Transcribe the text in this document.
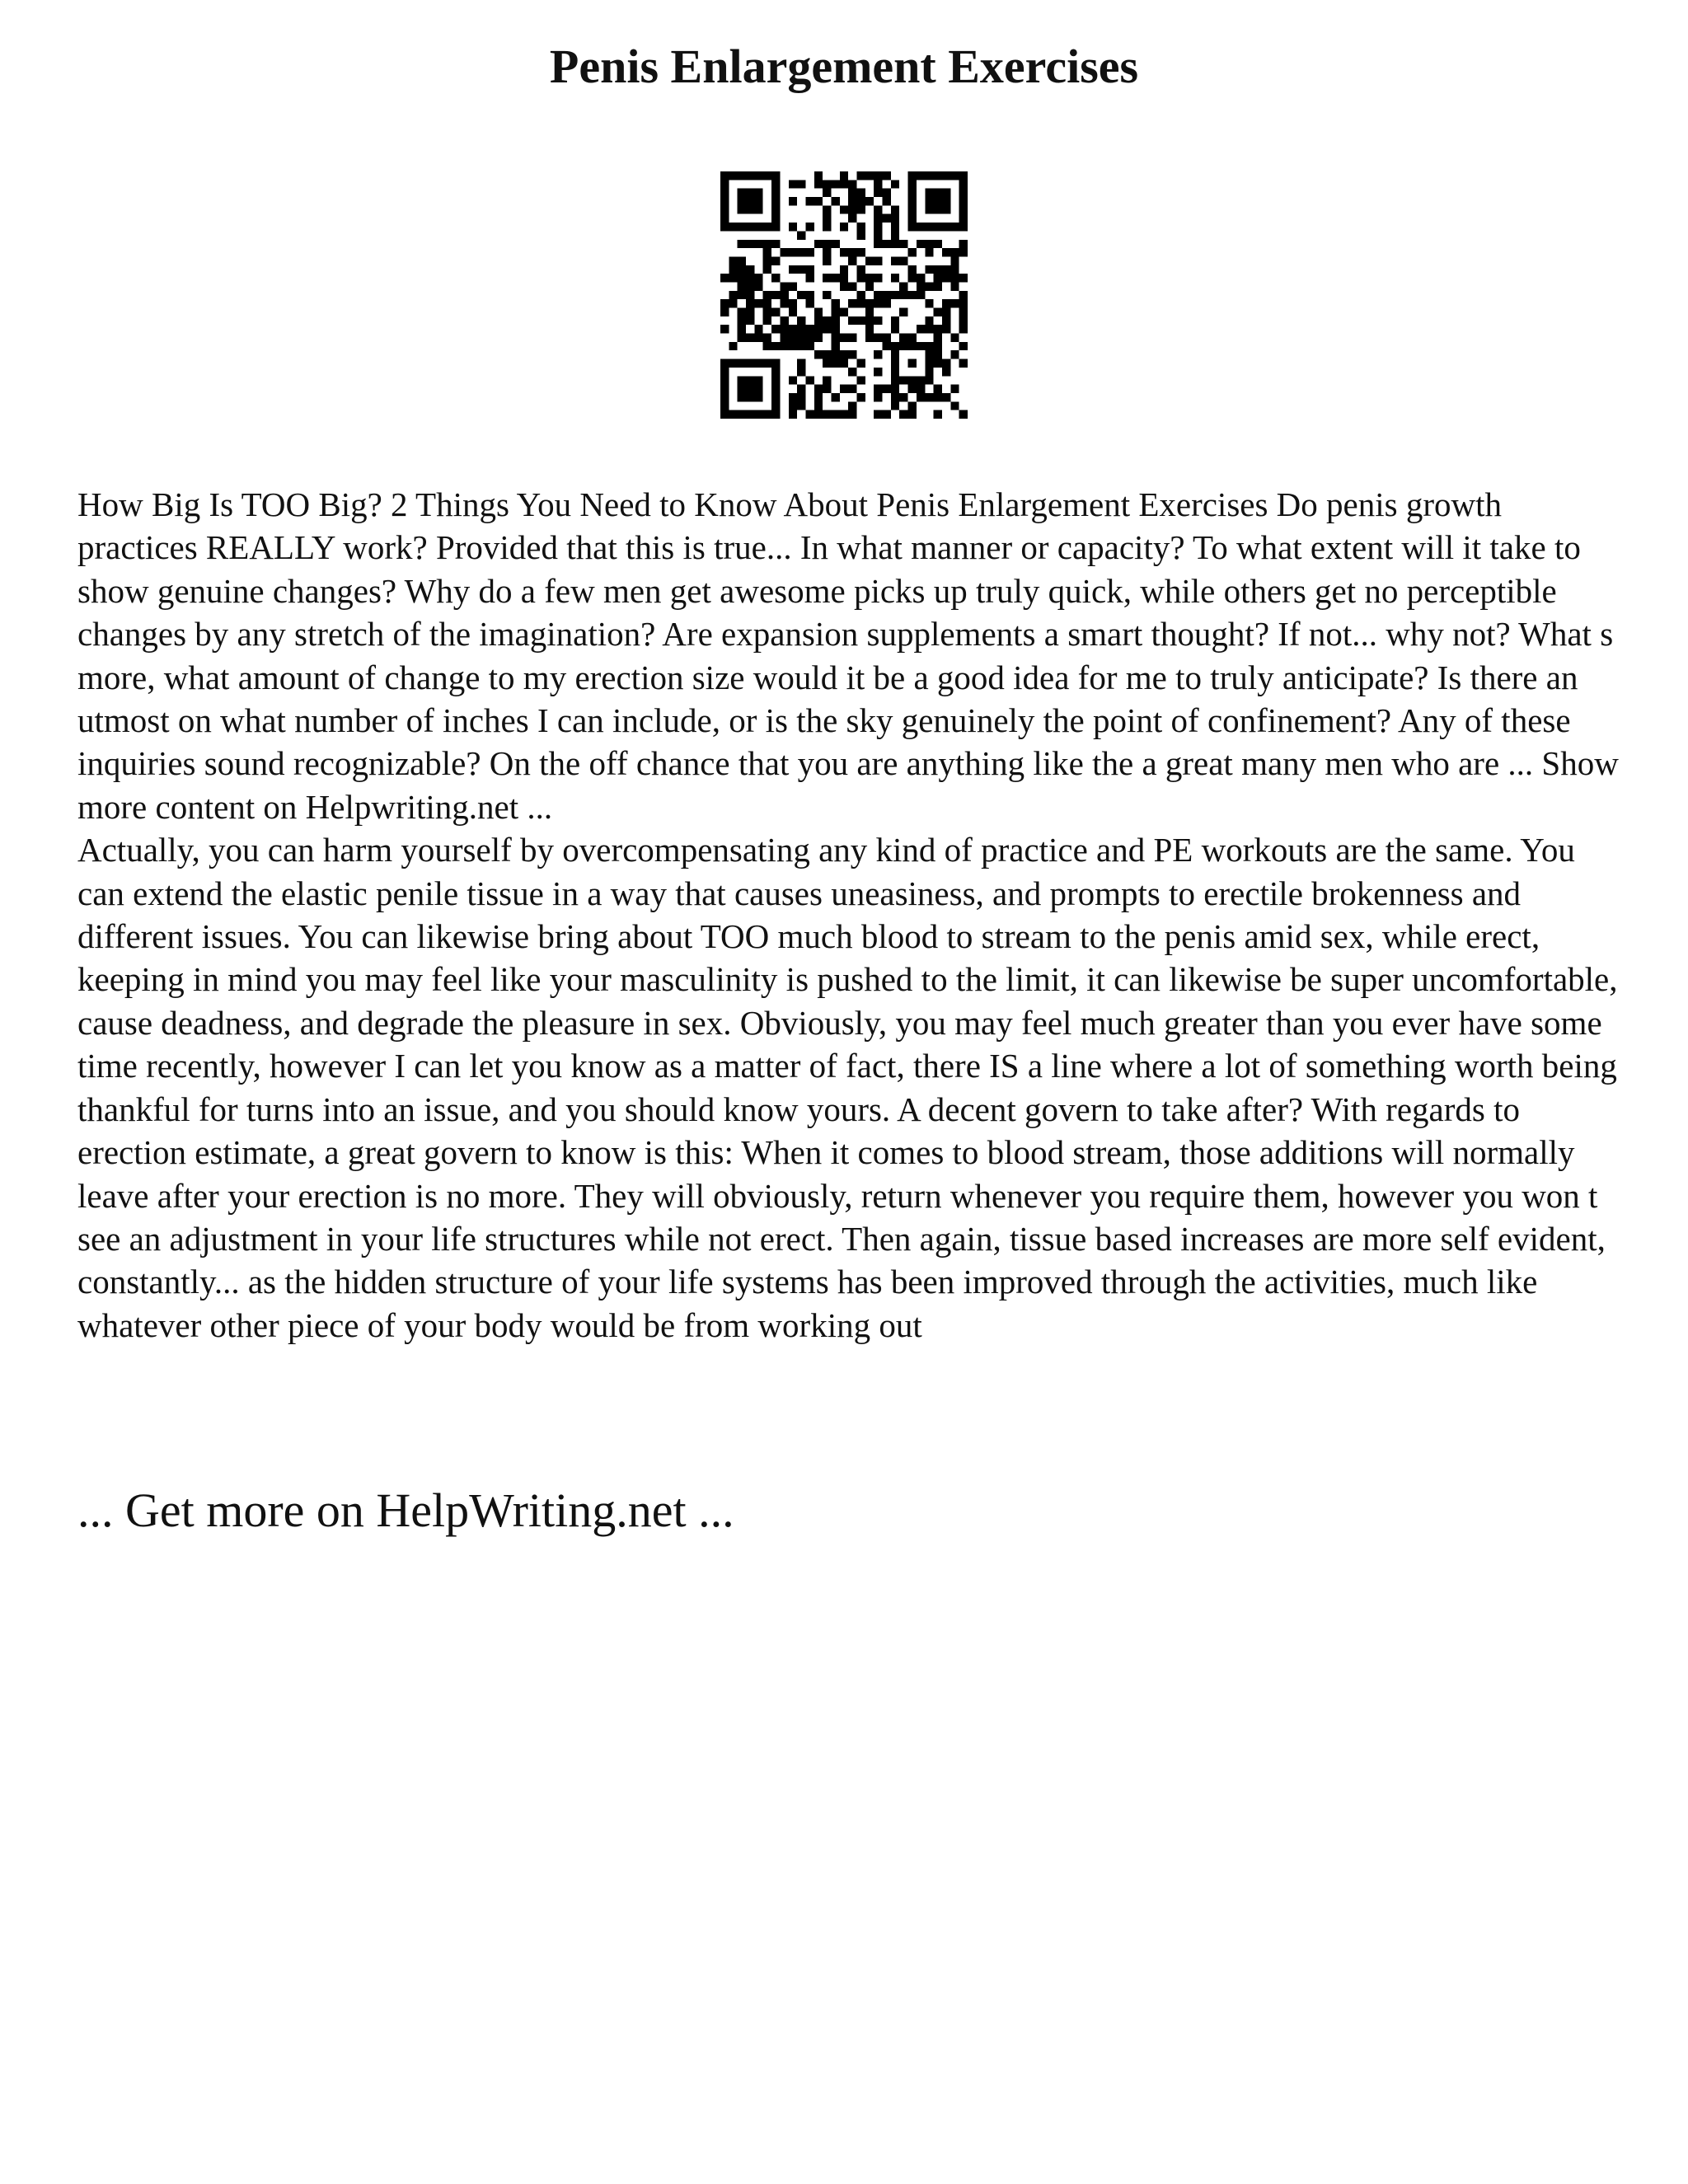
Penis Enlargement Exercises

How Big Is TOO Big? 2 Things You Need to Know About Penis Enlargement Exercises Do penis growth practices REALLY work? Provided that this is true... In what manner or capacity? To what extent will it take to show genuine changes? Why do a few men get awesome picks up truly quick, while others get no perceptible changes by any stretch of the imagination? Are expansion supplements a smart thought? If not... why not? What s more, what amount of change to my erection size would it be a good idea for me to truly anticipate? Is there an utmost on what number of inches I can include, or is the sky genuinely the point of confinement? Any of these inquiries sound recognizable? On the off chance that you are anything like the a great many men who are ... Show more content on Helpwriting.net ...

Actually, you can harm yourself by overcompensating any kind of practice and PE workouts are the same. You can extend the elastic penile tissue in a way that causes uneasiness, and prompts to erectile brokenness and different issues. You can likewise bring about TOO much blood to stream to the penis amid sex, while erect, keeping in mind you may feel like your masculinity is pushed to the limit, it can likewise be super uncomfortable, cause deadness, and degrade the pleasure in sex. Obviously, you may feel much greater than you ever have some time recently, however I can let you know as a matter of fact, there IS a line where a lot of something worth being thankful for turns into an issue, and you should know yours. A decent govern to take after? With regards to erection estimate, a great govern to know is this: When it comes to blood stream, those additions will normally leave after your erection is no more. They will obviously, return whenever you require them, however you won t see an adjustment in your life structures while not erect. Then again, tissue based increases are more self evident, constantly... as the hidden structure of your life systems has been improved through the activities, much like whatever other piece of your body would be from working out

... Get more on HelpWriting.net ...
